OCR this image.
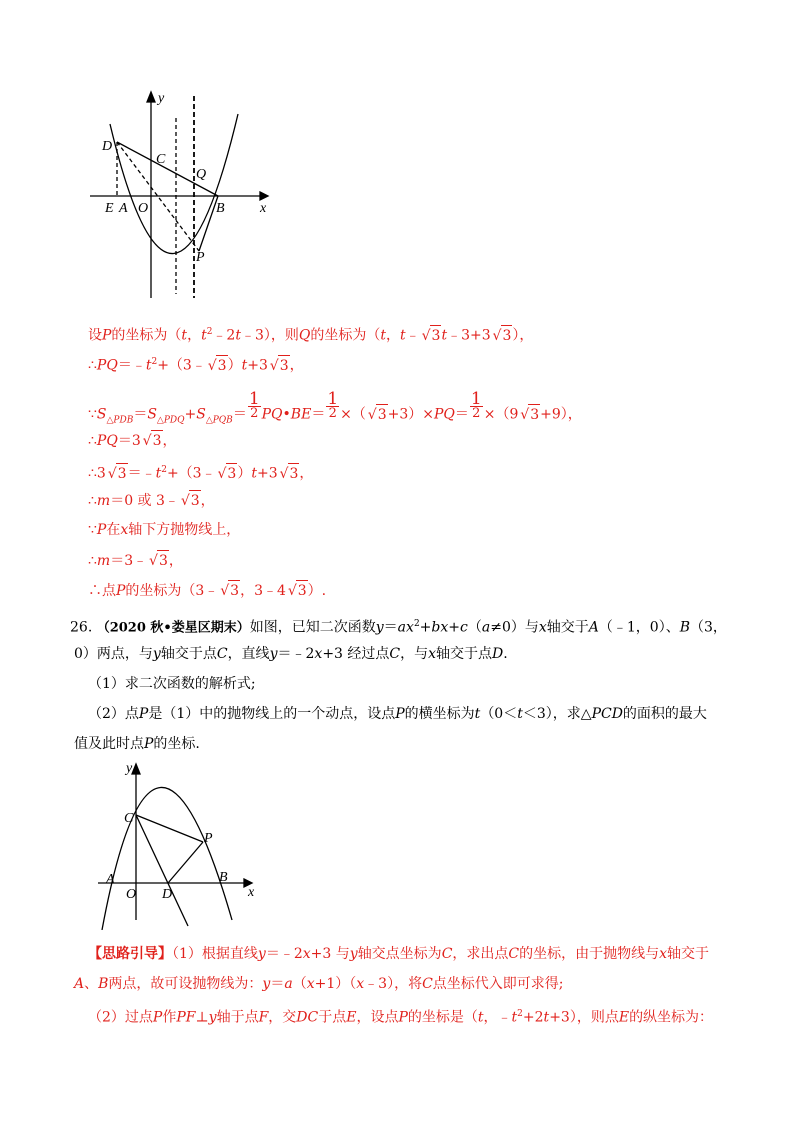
y
x
D
C
Q
E A O	B
P
设P的坐标为（t，$t^2﹣2t﹣3$），则Q的坐标为（t，t﹣ √ 3t﹣3+3 √ 3），
$\therefore PQ=﹣t^2+(3﹣$ √ 3）t+3 √ 3，
$\because S_{\triangle PDB}=S_{\triangle PDQ}+S_{\triangle PQB}= \frac{1}{2}$ PQ•BE＝ $\frac{1}{2}$ ×（ √ $3+3)\times PQ= \frac{1}{2} \times(9$ √ 3+9），
∴PQ＝3 √ 3，
∴3 √ $3=﹣t^2+(3﹣$ √ 3）t+3 √ 3，
∴m＝0 或 3﹣ √ 3，
∵P在x轴下方抛物线上，
∴m＝3﹣ √ 3，
∴点P的坐标为（3﹣ √ 3，3﹣4 √ 3）.
26. （2020 秋•娄星区期末）如图，已知二次函数$y=ax^2+bx+c(a\ne 0)$与x轴交于A（﹣1，0）、B（3，
0）两点，与y轴交于点C，直线y＝﹣2x+3 经过点C，与x轴交于点D.
（1）求二次函数的解析式;
（2）点P是（1）中的抛物线上的一个动点，设点P的横坐标为t（0＜t＜3），求△PCD的面积的最大
值及此时点P的坐标.
y
x
C
P
A
O D
B
【思路引导】（1）根据直线y＝﹣2x+3 与y轴交点坐标为C，求出点C的坐标，由于抛物线与x轴交于
A、B两点，故可设抛物线为：y＝a（x+1）（x﹣3），将C点坐标代入即可求得;
（2）过点P作PF⊥y轴于点F，交DC于点E，设点P的坐标是（t，$﹣t^2+2t+3$），则点E的纵坐标为：
